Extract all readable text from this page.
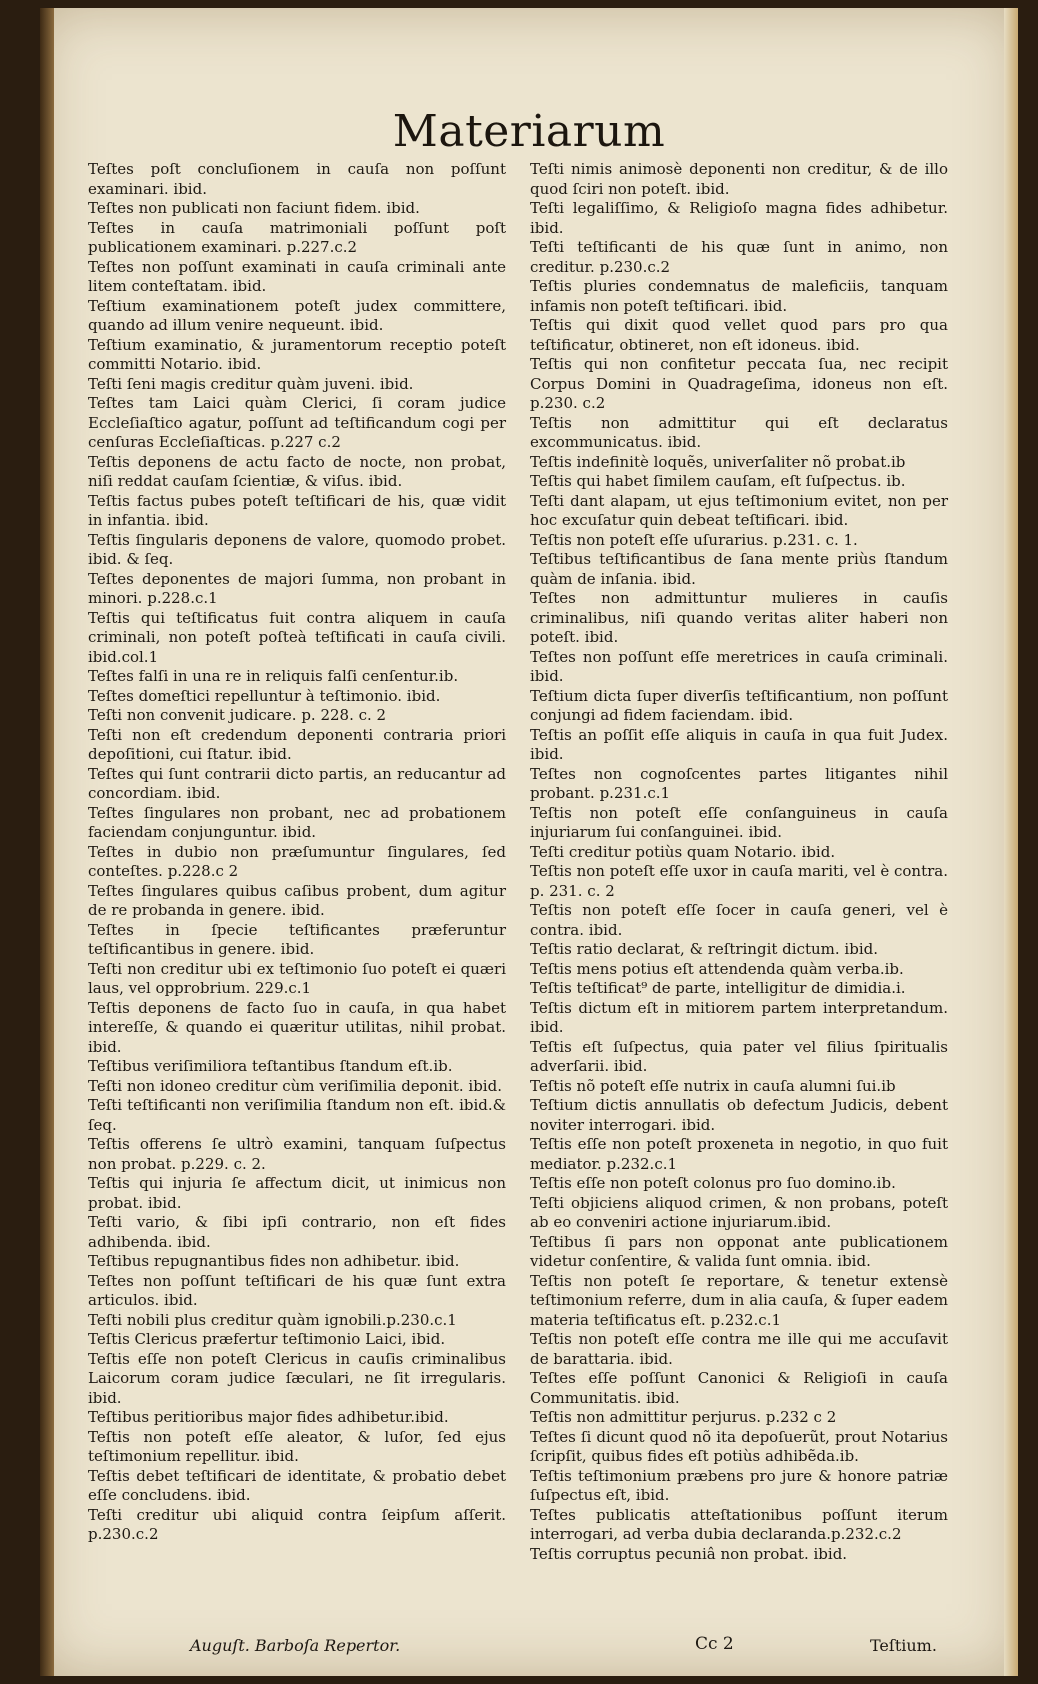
Materiarum

Teſtes poſt concluſionem in cauſa non poſſunt examinari. ibid.

Teſtes non publicati non faciunt fidem. ibid.

Teſtes in cauſa matrimoniali poſſunt poſt publicationem examinari. p.227.c.2

Teſtes non poſſunt examinati in cauſa criminali ante litem conteſtatam. ibid.

Teſtium examinationem poteſt judex committere, quando ad illum venire nequeunt. ibid.

Teſtium examinatio, & juramentorum receptio poteſt committi Notario. ibid.

Teſti ſeni magis creditur quàm juveni. ibid.

Teſtes tam Laici quàm Clerici, ſi coram judice Eccleſiaſtico agatur, poſſunt ad teſtificandum cogi per cenſuras Eccleſiaſticas. p.227 c.2

Teſtis deponens de actu facto de nocte, non probat, niſi reddat cauſam ſcientiæ, & viſus. ibid.

Teſtis factus pubes poteſt teſtificari de his, quæ vidit in infantia. ibid.

Teſtis ſingularis deponens de valore, quomodo probet. ibid. & ſeq.

Teſtes deponentes de majori ſumma, non probant in minori. p.228.c.1

Teſtis qui teſtificatus fuit contra aliquem in cauſa criminali, non poteſt poſteà teſtificati in cauſa civili. ibid.col.1

Teſtes falſi in una re in reliquis falſi cenſentur.ib.

Teſtes domeſtici repelluntur à teſtimonio. ibid.

Teſti non convenit judicare. p. 228. c. 2

Teſti non eſt credendum deponenti contraria priori depoſitioni, cui ſtatur. ibid.

Teſtes qui ſunt contrarii dicto partis, an reducantur ad concordiam. ibid.

Teſtes ſingulares non probant, nec ad probationem faciendam conjunguntur. ibid.

Teſtes in dubio non præſumuntur ſingulares, ſed conteſtes. p.228.c 2

Teſtes ſingulares quibus caſibus probent, dum agitur de re probanda in genere. ibid.

Teſtes in ſpecie teſtificantes præferuntur teſtificantibus in genere. ibid.

Teſti non creditur ubi ex teſtimonio ſuo poteſt ei quæri laus, vel opprobrium. 229.c.1

Teſtis deponens de facto ſuo in cauſa, in qua habet intereſſe, & quando ei quæritur utilitas, nihil probat. ibid.

Teſtibus veriſimiliora teſtantibus ſtandum eſt.ib.

Teſti non idoneo creditur cùm veriſimilia deponit. ibid.

Teſti teſtificanti non veriſimilia ſtandum non eſt. ibid.& ſeq.

Teſtis offerens ſe ultrò examini, tanquam ſuſpectus non probat. p.229. c. 2.

Teſtis qui injuria ſe affectum dicit, ut inimicus non probat. ibid.

Teſti vario, & ſibi ipſi contrario, non eſt fides adhibenda. ibid.

Teſtibus repugnantibus fides non adhibetur. ibid.

Teſtes non poſſunt teſtificari de his quæ ſunt extra articulos. ibid.

Teſti nobili plus creditur quàm ignobili.p.230.c.1

Teſtis Clericus præfertur teſtimonio Laici, ibid.

Teſtis eſſe non poteſt Clericus in cauſis criminalibus Laicorum coram judice ſæculari, ne ſit irregularis. ibid.

Teſtibus peritioribus major fides adhibetur.ibid.

Teſtis non poteſt eſſe aleator, & luſor, ſed ejus teſtimonium repellitur. ibid.

Teſtis debet teſtificari de identitate, & probatio debet eſſe concludens. ibid.

Teſti creditur ubi aliquid contra ſeipſum aſſerit. p.230.c.2

Teſti nimis animosè deponenti non creditur, & de illo quod ſciri non poteſt. ibid.

Teſti legaliſſimo, & Religioſo magna fides adhibetur. ibid.

Teſti teſtificanti de his quæ ſunt in animo, non creditur. p.230.c.2

Teſtis pluries condemnatus de maleficiis, tanquam infamis non poteſt teſtificari. ibid.

Teſtis qui dixit quod vellet quod pars pro qua teſtificatur, obtineret, non eſt idoneus. ibid.

Teſtis qui non confitetur peccata ſua, nec recipit Corpus Domini in Quadrageſima, idoneus non eſt. p.230. c.2

Teſtis non admittitur qui eſt declaratus excommunicatus. ibid.

Teſtis indefinitè loquẽs, univerſaliter nõ probat.ib

Teſtis qui habet ſimilem cauſam, eſt ſuſpectus. ib.

Teſti dant alapam, ut ejus teſtimonium evitet, non per hoc excuſatur quin debeat teſtificari. ibid.

Teſtis non poteſt eſſe uſurarius. p.231. c. 1.

Teſtibus teſtificantibus de ſana mente priùs ſtandum quàm de inſania. ibid.

Teſtes non admittuntur mulieres in cauſis criminalibus, niſi quando veritas aliter haberi non poteſt. ibid.

Teſtes non poſſunt eſſe meretrices in cauſa criminali. ibid.

Teſtium dicta ſuper diverſis teſtificantium, non poſſunt conjungi ad fidem faciendam. ibid.

Teſtis an poſſit eſſe aliquis in cauſa in qua fuit Judex. ibid.

Teſtes non cognoſcentes partes litigantes nihil probant. p.231.c.1

Teſtis non poteſt eſſe conſanguineus in cauſa injuriarum ſui conſanguinei. ibid.

Teſti creditur potiùs quam Notario. ibid.

Teſtis non poteſt eſſe uxor in cauſa mariti, vel è contra. p. 231. c. 2

Teſtis non poteſt eſſe ſocer in cauſa generi, vel è contra. ibid.

Teſtis ratio declarat, & reſtringit dictum. ibid.

Teſtis mens potius eſt attendenda quàm verba.ib.

Teſtis teſtificat⁹ de parte, intelligitur de dimidia.i.

Teſtis dictum eſt in mitiorem partem interpretandum. ibid.

Teſtis eſt ſuſpectus, quia pater vel filius ſpiritualis adverſarii. ibid.

Teſtis nõ poteſt eſſe nutrix in cauſa alumni ſui.ib

Teſtium dictis annullatis ob defectum Judicis, debent noviter interrogari. ibid.

Teſtis eſſe non poteſt proxeneta in negotio, in quo fuit mediator. p.232.c.1

Teſtis eſſe non poteſt colonus pro ſuo domino.ib.

Teſti objiciens aliquod crimen, & non probans, poteſt ab eo conveniri actione injuriarum.ibid.

Teſtibus ſi pars non opponat ante publicationem videtur conſentire, & valida ſunt omnia. ibid.

Teſtis non poteſt ſe reportare, & tenetur extensè teſtimonium referre, dum in alia cauſa, & ſuper eadem materia teſtificatus eſt. p.232.c.1

Teſtis non poteſt eſſe contra me ille qui me accuſavit de barattaria. ibid.

Teſtes eſſe poſſunt Canonici & Religioſi in cauſa Communitatis. ibid.

Teſtis non admittitur perjurus. p.232 c 2

Teſtes ſi dicunt quod nõ ita depoſuerũt, prout Notarius ſcripſit, quibus fides eſt potiùs adhibẽda.ib.

Teſtis teſtimonium præbens pro jure & honore patriæ ſuſpectus eſt, ibid.

Teſtes publicatis atteſtationibus poſſunt iterum interrogari, ad verba dubia declaranda.p.232.c.2

Teſtis corruptus pecuniâ non probat. ibid.

Auguſt. Barboſa Repertor.	Cc 2	Teſtium.
